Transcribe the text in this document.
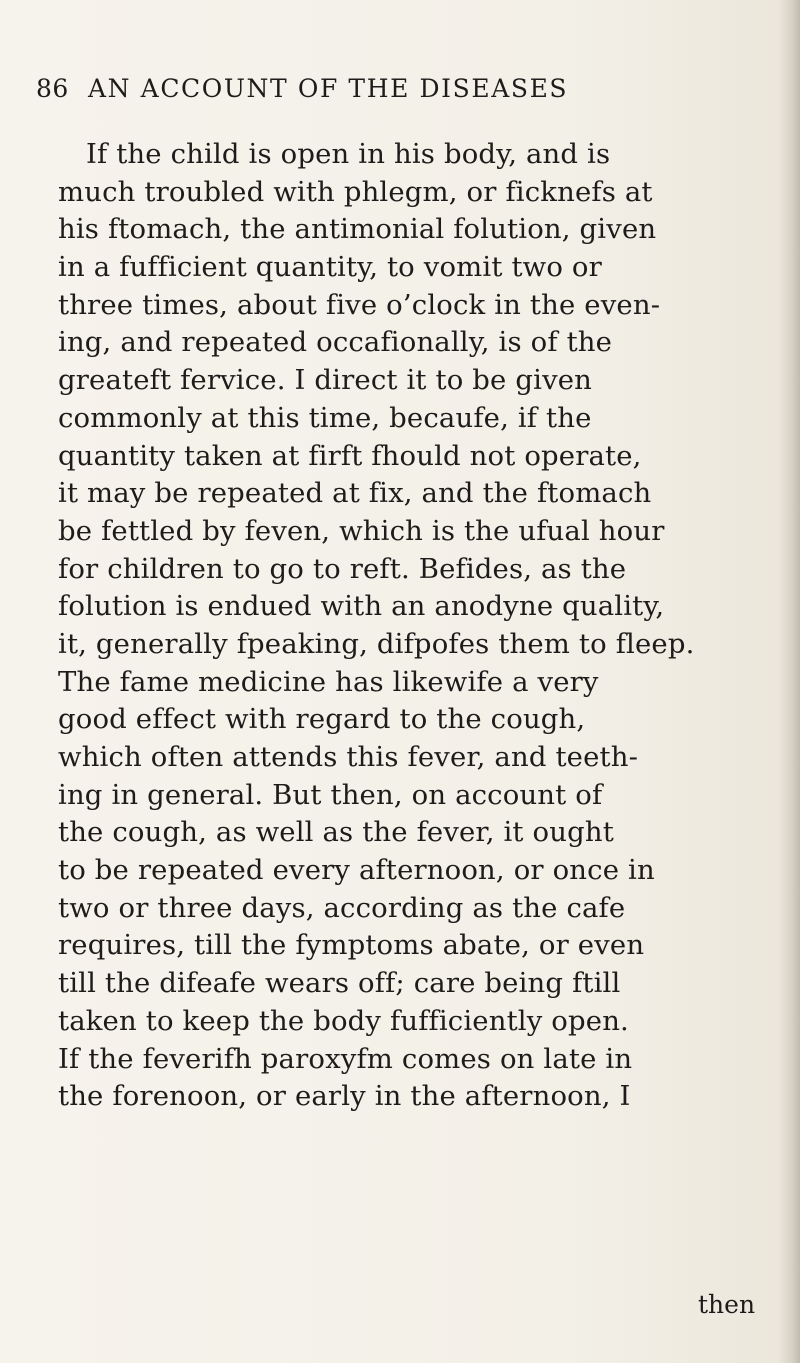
86 AN ACCOUNT OF THE DISEASES
If the child is open in his body, and is
much troubled with phlegm, or ficknefs at
his ftomach, the antimonial folution, given
in a fufficient quantity, to vomit two or
three times, about five o’clock in the even-
ing, and repeated occafionally, is of the
greateft fervice. I direct it to be given
commonly at this time, becaufe, if the
quantity taken at firft fhould not operate,
it may be repeated at fix, and the ftomach
be fettled by feven, which is the ufual hour
for children to go to reft. Befides, as the
folution is endued with an anodyne quality,
it, generally fpeaking, difpofes them to fleep.
The fame medicine has likewife a very
good effect with regard to the cough,
which often attends this fever, and teeth-
ing in general. But then, on account of
the cough, as well as the fever, it ought
to be repeated every afternoon, or once in
two or three days, according as the cafe
requires, till the fymptoms abate, or even
till the difeafe wears off; care being ftill
taken to keep the body fufficiently open.
If the feverifh paroxyfm comes on late in
the forenoon, or early in the afternoon, I
then
